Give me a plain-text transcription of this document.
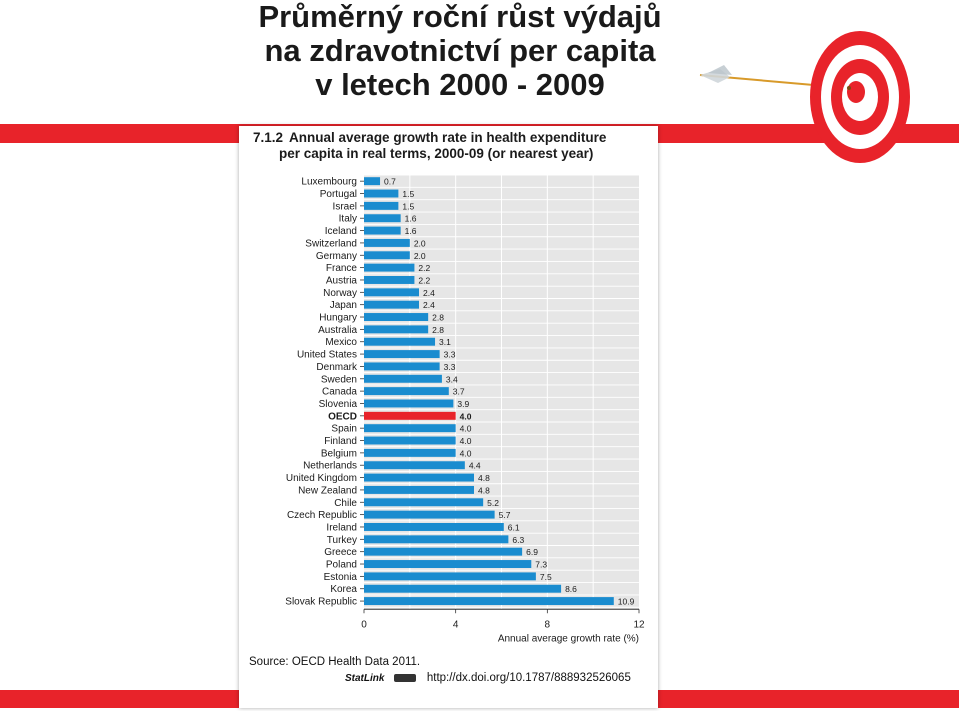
Průměrný roční růst výdajů
na zdravotnictví per capita
v letech 2000 - 2009
7.1.2 Annual average growth rate in health expenditure
per capita in real terms, 2000-09 (or nearest year)
Luxembourg	0.7
Portugal	1.5
Israel	1.5
Italy	1.6
Iceland	1.6
Switzerland	2.0
Germany	2.0
France	2.2
Austria	2.2
Norway	2.4
Japan	2.4
Hungary	2.8
Australia	2.8
Mexico	3.1
United States	3.3
Denmark	3.3
Sweden	3.4
Canada	3.7
Slovenia	3.9
OECD	4.0
Spain	4.0
Finland	4.0
Belgium	4.0
Netherlands	4.4
United Kingdom	4.8
New Zealand	4.8
Chile	5.2
Czech Republic	5.7
Ireland	6.1
Turkey	6.3
Greece	6.9
Poland	7.3
Estonia	7.5
Korea	8.6
Slovak Republic	10.9
0	4	8	12
Annual average growth rate (%)
Source: OECD Health Data 2011.
StatLink	http://dx.doi.org/10.1787/888932526065
